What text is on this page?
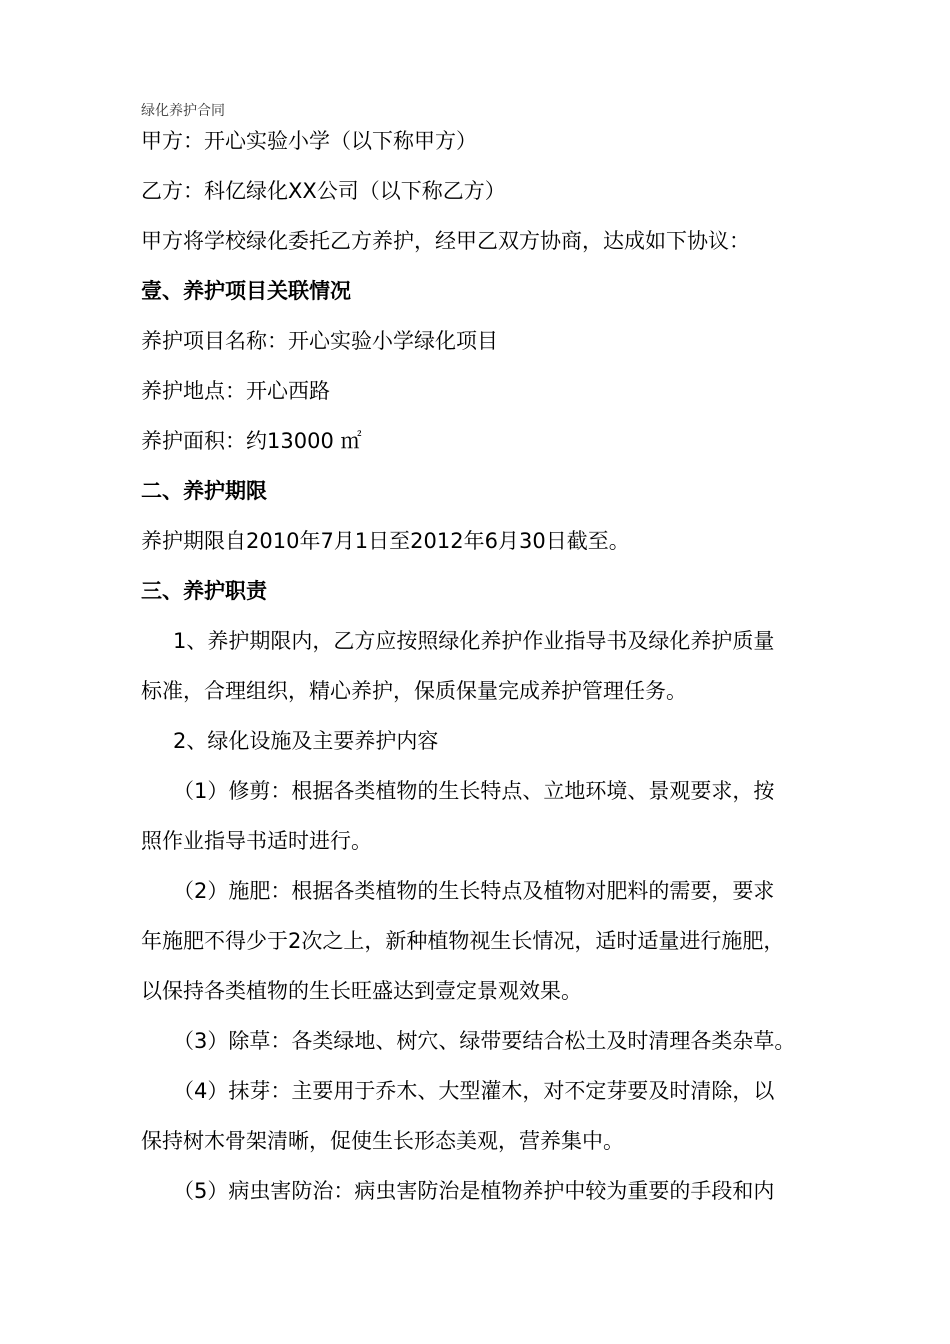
绿化养护合同
甲方：开心实验小学（以下称甲方）
乙方：科亿绿化XX公司（以下称乙方）
甲方将学校绿化委托乙方养护，经甲乙双方协商，达成如下协议：
壹、养护项目关联情况
养护项目名称：开心实验小学绿化项目
养护地点：开心西路
养护面积：约13000 ㎡
二、养护期限
养护期限自2010年7月1日至2012年6月30日截至。
三、养护职责
1、养护期限内，乙方应按照绿化养护作业指导书及绿化养护质量
标准，合理组织，精心养护，保质保量完成养护管理任务。
2、绿化设施及主要养护内容
（1）修剪：根据各类植物的生长特点、立地环境、景观要求，按
照作业指导书适时进行。
（2）施肥：根据各类植物的生长特点及植物对肥料的需要，要求
年施肥不得少于2次之上，新种植物视生长情况，适时适量进行施肥，
以保持各类植物的生长旺盛达到壹定景观效果。
（3）除草：各类绿地、树穴、绿带要结合松土及时清理各类杂草。
（4）抹芽：主要用于乔木、大型灌木，对不定芽要及时清除，以
保持树木骨架清晰，促使生长形态美观，营养集中。
（5）病虫害防治：病虫害防治是植物养护中较为重要的手段和内
